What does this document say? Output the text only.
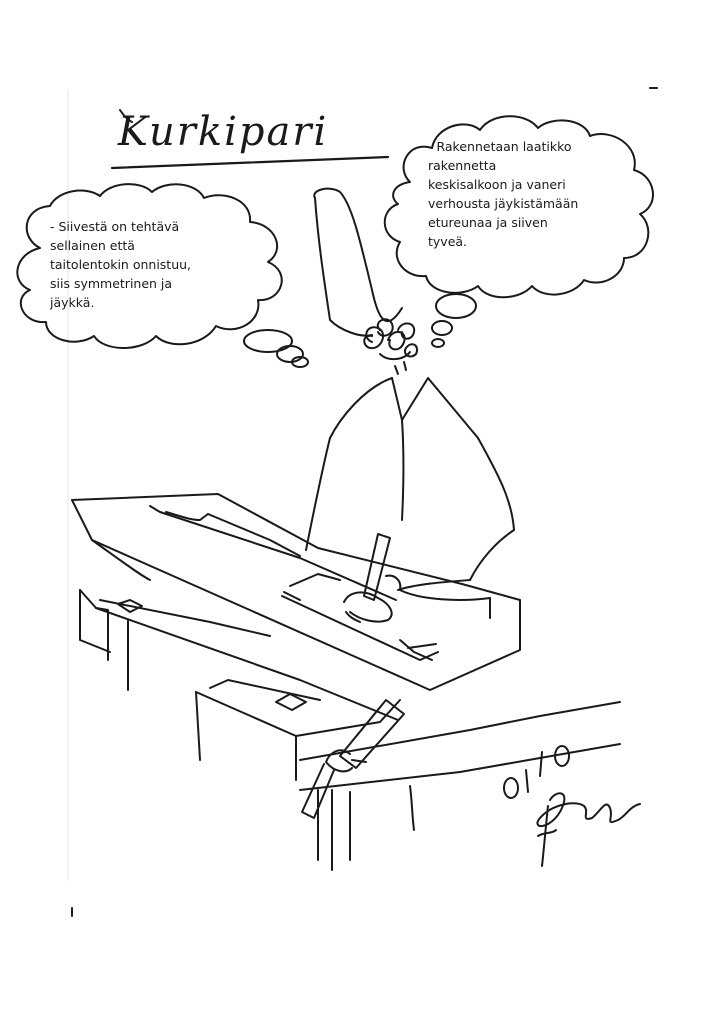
Kurkipari
- Siivestä on tehtävä
sellainen että
taitolentokin onnistuu,
siis symmetrinen ja
jäykkä.
- Rakennetaan laatikko
rakennetta
keskisalkoon ja vaneri
verhousta jäykistämään
etureunaa ja siiven
tyveä.
